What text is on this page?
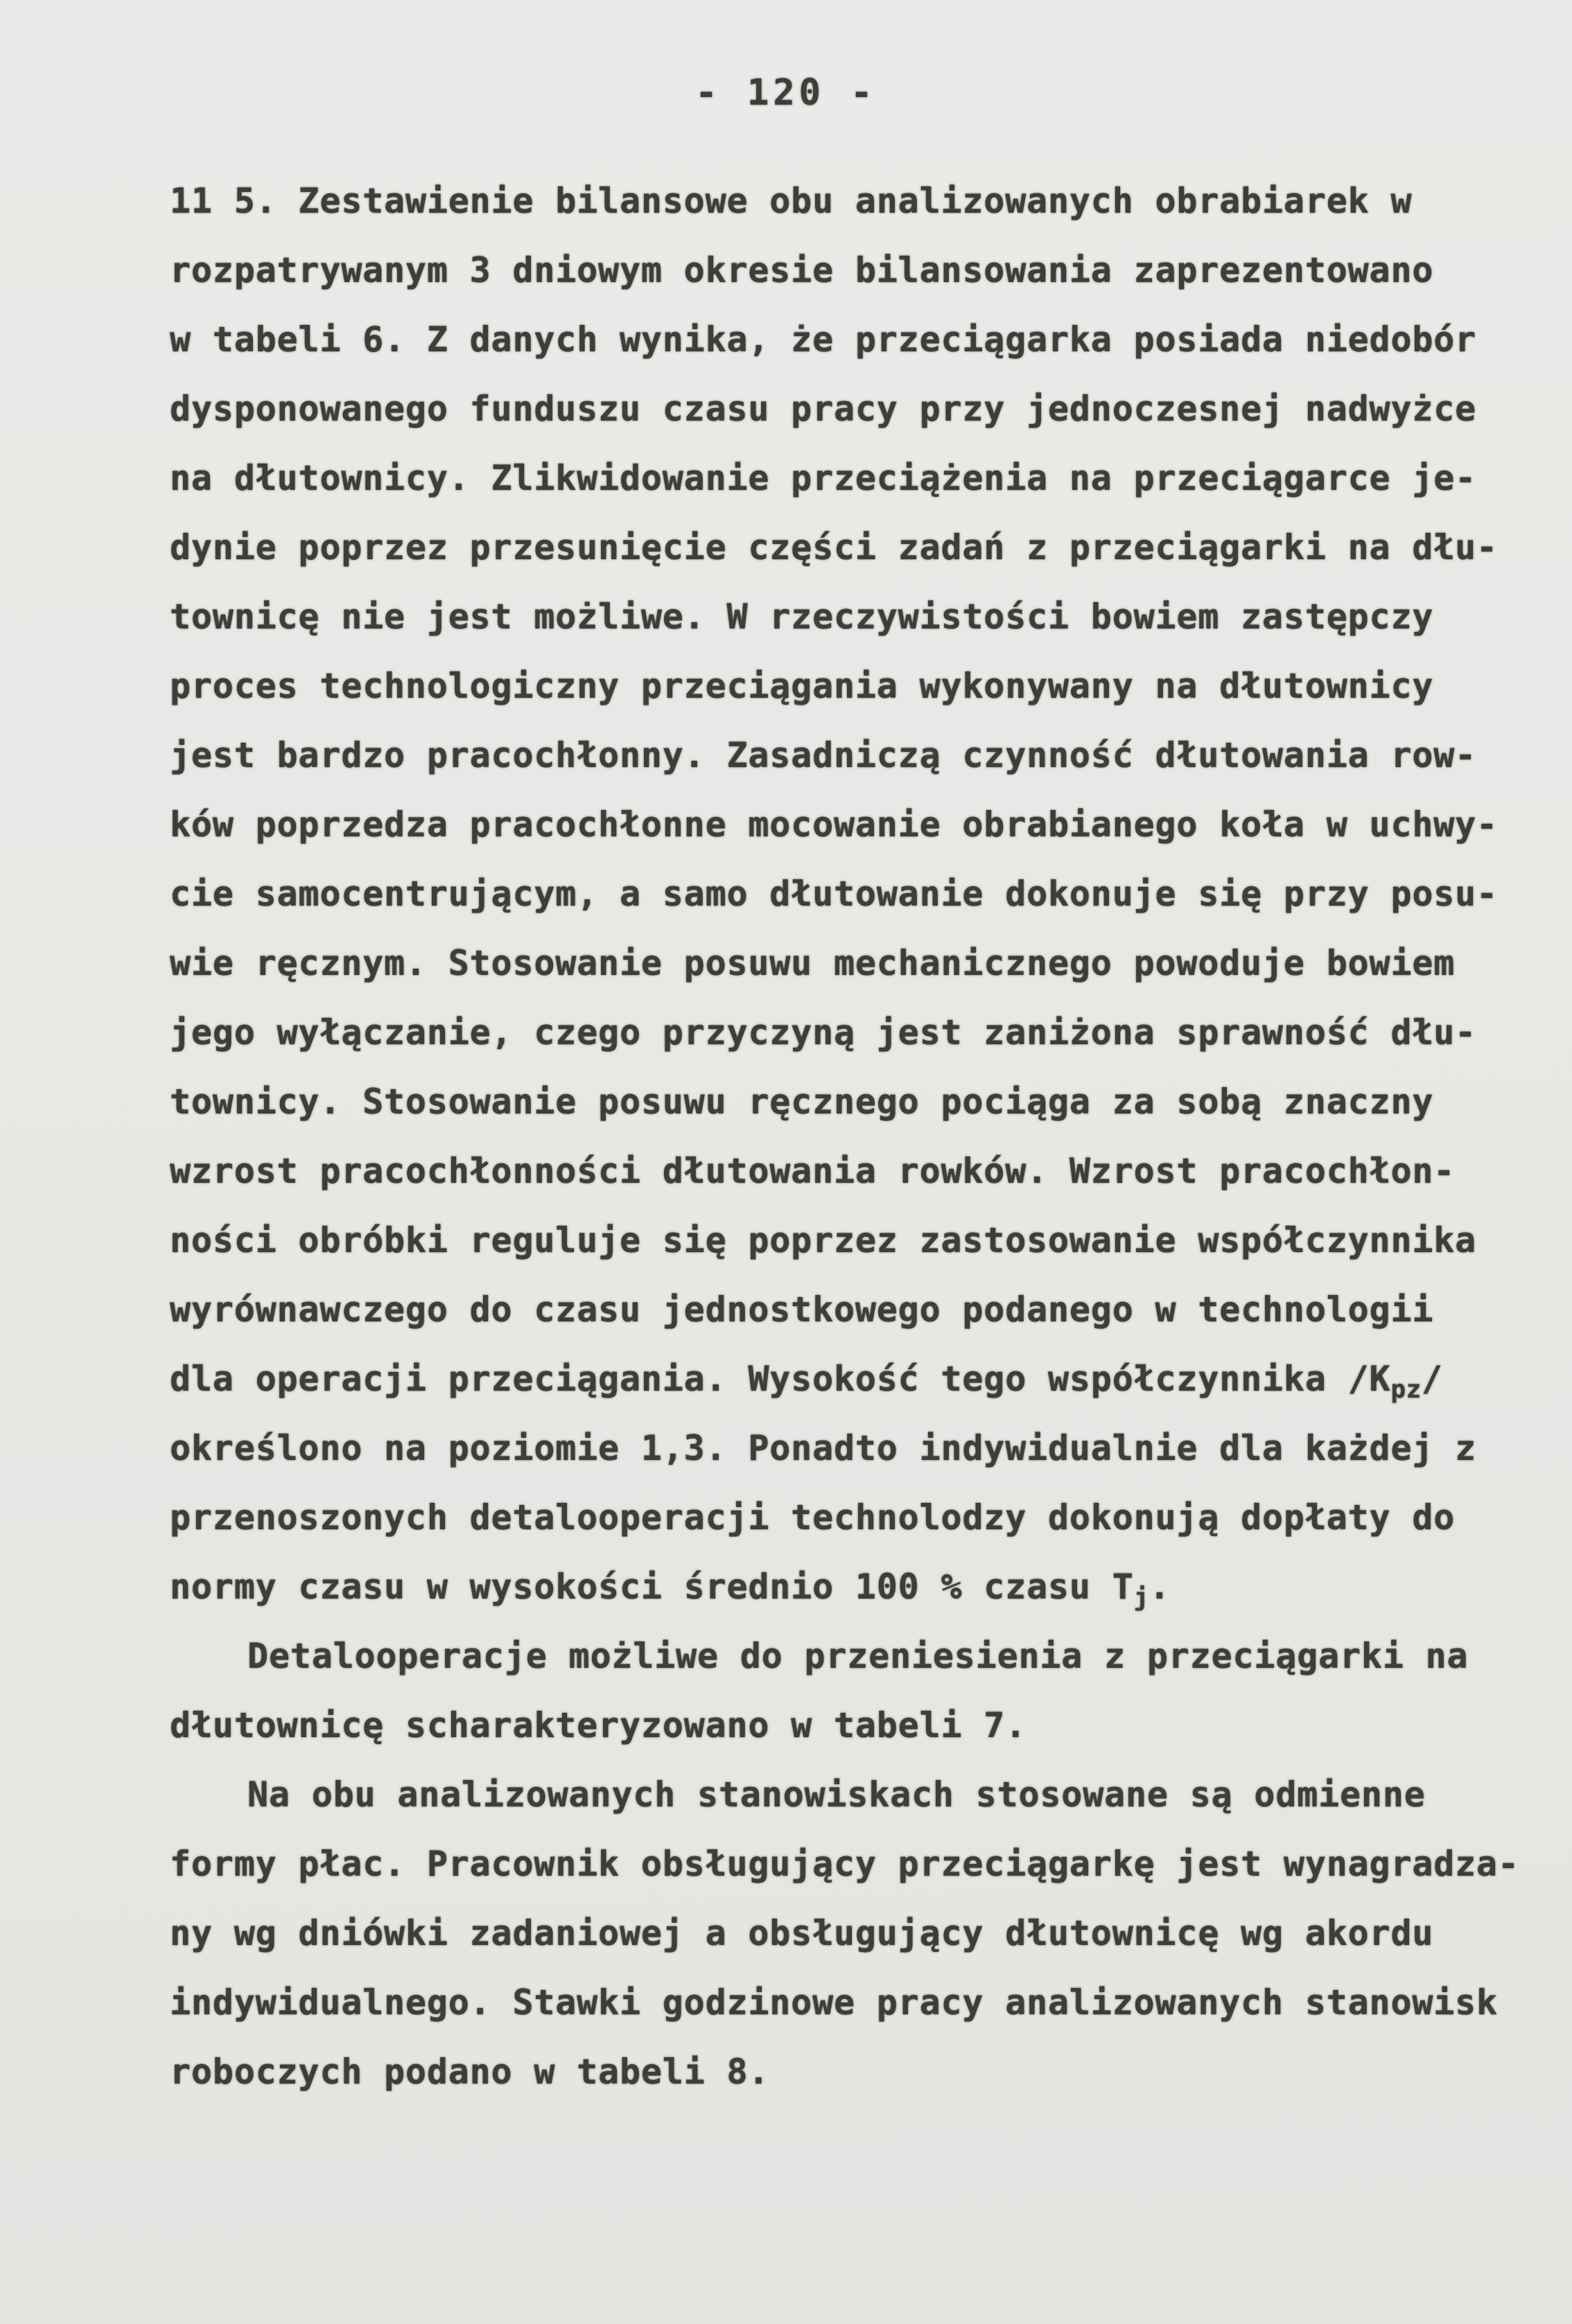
- 120 -
11 5. Zestawienie bilansowe obu analizowanych obrabiarek w
rozpatrywanym 3 dniowym okresie bilansowania zaprezentowano
w tabeli 6. Z danych wynika, że przeciągarka posiada niedobór
dysponowanego funduszu czasu pracy przy jednoczesnej nadwyżce
na dłutownicy. Zlikwidowanie przeciążenia na przeciągarce je-
dynie poprzez przesunięcie części zadań z przeciągarki na dłu-
townicę nie jest możliwe. W rzeczywistości bowiem zastępczy
proces technologiczny przeciągania wykonywany na dłutownicy
jest bardzo pracochłonny. Zasadniczą czynność dłutowania row-
ków poprzedza pracochłonne mocowanie obrabianego koła w uchwy-
cie samocentrującym, a samo dłutowanie dokonuje się przy posu-
wie ręcznym. Stosowanie posuwu mechanicznego powoduje bowiem
jego wyłączanie, czego przyczyną jest zaniżona sprawność dłu-
townicy. Stosowanie posuwu ręcznego pociąga za sobą znaczny
wzrost pracochłonności dłutowania rowków. Wzrost pracochłon-
ności obróbki reguluje się poprzez zastosowanie współczynnika
wyrównawczego do czasu jednostkowego podanego w technologii
dla operacji przeciągania. Wysokość tego współczynnika $/K_{pz}/$
określono na poziomie 1,3. Ponadto indywidualnie dla każdej z
przenoszonych detalooperacji technolodzy dokonują dopłaty do
normy czasu w wysokości średnio 100 % czasu $T_j$.
Detalooperacje możliwe do przeniesienia z przeciągarki na
dłutownicę scharakteryzowano w tabeli 7.
Na obu analizowanych stanowiskach stosowane są odmienne
formy płac. Pracownik obsługujący przeciągarkę jest wynagradza-
ny wg dniówki zadaniowej a obsługujący dłutownicę wg akordu
indywidualnego. Stawki godzinowe pracy analizowanych stanowisk
roboczych podano w tabeli 8.
